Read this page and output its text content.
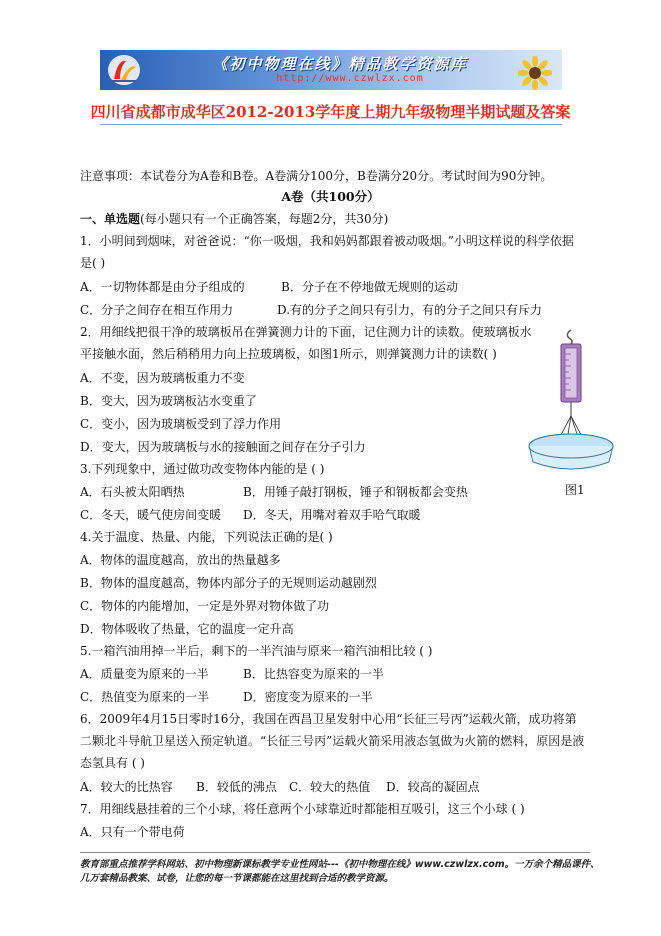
《初中物理在线》精品教学资源库
http://www.czwlzx.com
四川省成都市成华区2012-2013学年度上期九年级物理半期试题及答案
注意事项：本试卷分为A卷和B卷。A卷满分100分，B卷满分20分。考试时间为90分钟。
A卷（共100分）
一、单选题(每小题只有一个正确答案，每题2分，共30分)
1．小明间到烟味，对爸爸说：“你一吸烟，我和妈妈都跟着被动吸烟。”小明这样说的科学依据
是( )
A．一切物体都是由分子组成的	B．分子在不停地做无规则的运动
C．分子之间存在相互作用力	D.有的分子之间只有引力，有的分子之间只有斥力
2．用细线把很干净的玻璃板吊在弹簧测力计的下面，记住测力计的读数。使玻璃板水
平接触水面，然后稍稍用力向上拉玻璃板，如图1所示，则弹簧测力计的读数( )
A．不变，因为玻璃板重力不变
B．变大，因为玻璃板沾水变重了
C．变小，因为玻璃板受到了浮力作用
D．变大，因为玻璃板与水的接触面之间存在分子引力
图1
3.下列现象中，通过做功改变物体内能的是 ( )
A．石头被太阳晒热	B．用锤子敲打钢板，锤子和钢板都会变热
C．冬天，暖气使房间变暖 D．冬天，用嘴对着双手哈气取暖
4.关于温度、热量、内能，下列说法正确的是( )
A．物体的温度越高，放出的热量越多
B．物体的温度越高，物体内部分子的无规则运动越剧烈
C．物体的内能增加，一定是外界对物体做了功
D．物体吸收了热量，它的温度一定升高
5.一箱汽油用掉一半后，剩下的一半汽油与原来一箱汽油相比较 ( )
A．质量变为原来的一半	B．比热容变为原来的一半
C．热值变为原来的一半	D．密度变为原来的一半
6．2009年4月15日零时16分，我国在西昌卫星发射中心用“长征三号丙”运载火箭，成功将第
二颗北斗导航卫星送入预定轨道。“长征三号丙”运载火箭采用液态氢做为火箭的燃料，原因是液
态氢具有 ( )
A．较大的比热容 B．较低的沸点 C．较大的热值 D．较高的凝固点
7．用细线悬挂着的三个小球，将任意两个小球靠近时都能相互吸引，这三个小球 ( )
A．只有一个带电荷
教育部重点推荐学科网站、初中物理新课标教学专业性网站---《初中物理在线》www.czwlzx.com。一万余个精品课件、几万套精品教案、试卷，让您的每一节课都能在这里找到合适的教学资源。
